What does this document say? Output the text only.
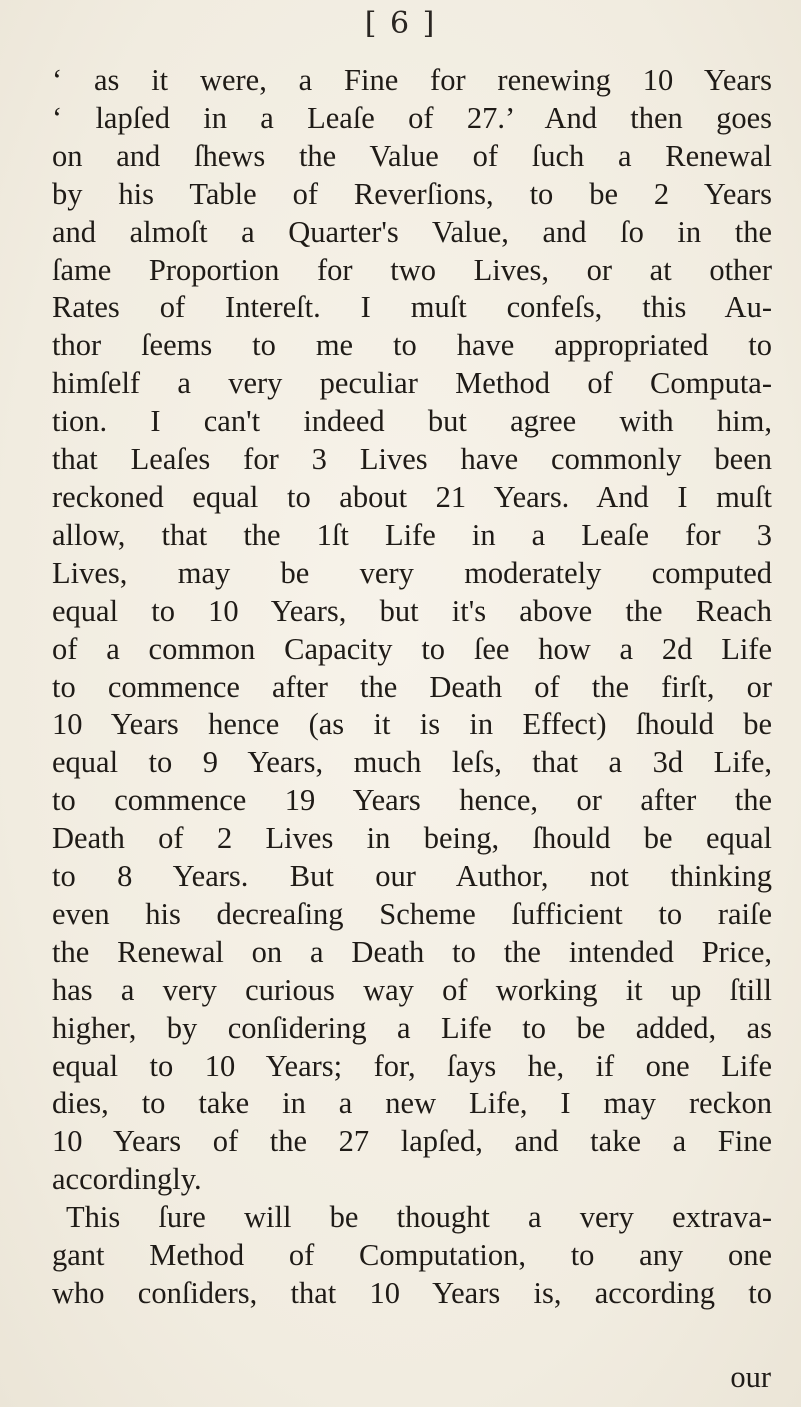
[ 6 ]
‘ as it were, a Fine for renewing 10 Years
‘ lapſed in a Leaſe of 27.’ And then goes
on and ſhews the Value of ſuch a Renewal
by his Table of Reverſions, to be 2 Years
and almoſt a Quarter's Value, and ſo in the
ſame Proportion for two Lives, or at other
Rates of Intereſt. I muſt confeſs, this Au-
thor ſeems to me to have appropriated to
himſelf a very peculiar Method of Computa-
tion. I can't indeed but agree with him,
that Leaſes for 3 Lives have commonly been
reckoned equal to about 21 Years. And I muſt
allow, that the 1ſt Life in a Leaſe for 3
Lives, may be very moderately computed
equal to 10 Years, but it's above the Reach
of a common Capacity to ſee how a 2d Life
to commence after the Death of the firſt, or
10 Years hence (as it is in Effect) ſhould be
equal to 9 Years, much leſs, that a 3d Life,
to commence 19 Years hence, or after the
Death of 2 Lives in being, ſhould be equal
to 8 Years. But our Author, not thinking
even his decreaſing Scheme ſufficient to raiſe
the Renewal on a Death to the intended Price,
has a very curious way of working it up ſtill
higher, by conſidering a Life to be added, as
equal to 10 Years; for, ſays he, if one Life
dies, to take in a new Life, I may reckon
10 Years of the 27 lapſed, and take a Fine
accordingly.
This ſure will be thought a very extrava-
gant Method of Computation, to any one
who conſiders, that 10 Years is, according to
our
